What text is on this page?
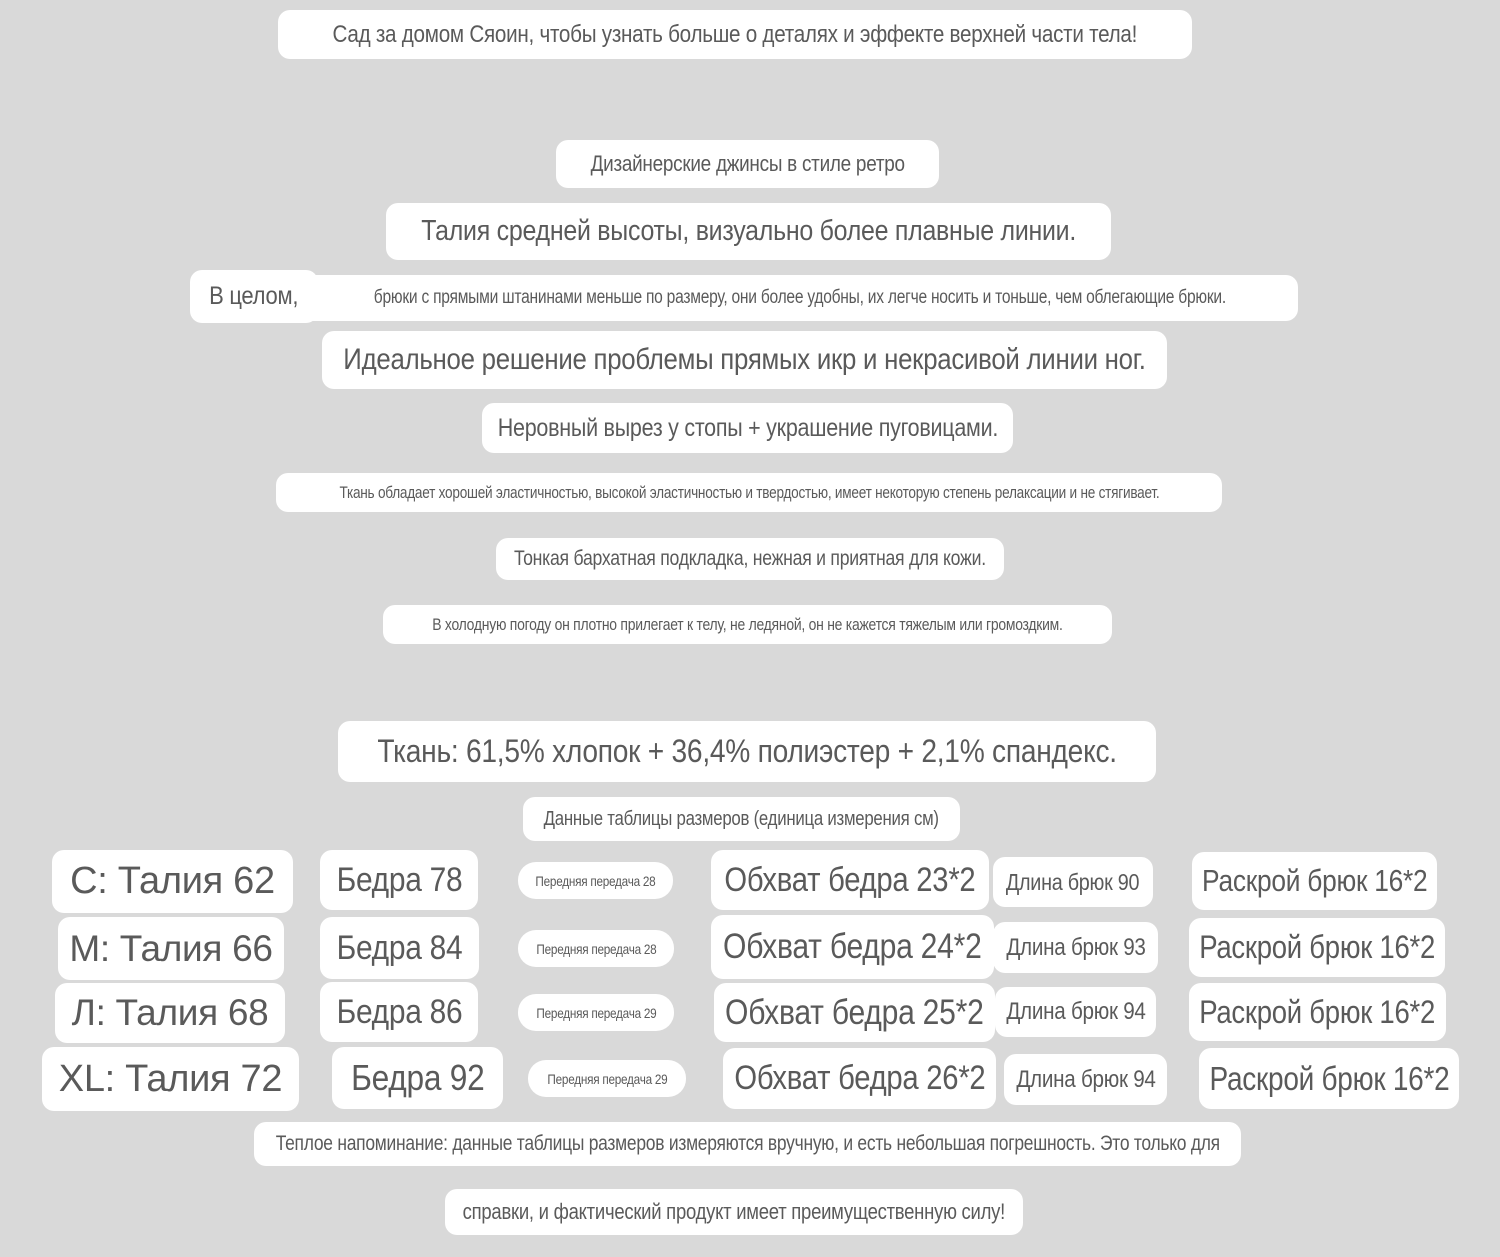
Сад за домом Сяоин, чтобы узнать больше о деталях и эффекте верхней части тела!
Дизайнерские джинсы в стиле ретро
Талия средней высоты, визуально более плавные линии.
брюки с прямыми штанинами меньше по размеру, они более удобны, их легче носить и тоньше, чем облегающие брюки.
В целом,
Идеальное решение проблемы прямых икр и некрасивой линии ног.
Неровный вырез у стопы + украшение пуговицами.
Ткань обладает хорошей эластичностью, высокой эластичностью и твердостью, имеет некоторую степень релаксации и не стягивает.
Тонкая бархатная подкладка, нежная и приятная для кожи.
В холодную погоду он плотно прилегает к телу, не ледяной, он не кажется тяжелым или громоздким.
Ткань: 61,5% хлопок + 36,4% полиэстер + 2,1% спандекс.
Данные таблицы размеров (единица измерения см)
С: Талия 62 Бедра 78	Передняя передача 28 Обхват бедра 23*2 Длина брюк 90 Раскрой брюк 16*2
М: Талия 66 Бедра 84	Передняя передача 28 Обхват бедра 24*2 Длина брюк 93 Раскрой брюк 16*2
Л: Талия 68 Бедра 86	Передняя передача 29 Обхват бедра 25*2 Длина брюк 94 Раскрой брюк 16*2
XL: Талия 72 Бедра 92	Передняя передача 29 Обхват бедра 26*2 Длина брюк 94 Раскрой брюк 16*2
Теплое напоминание: данные таблицы размеров измеряются вручную, и есть небольшая погрешность. Это только для
справки, и фактический продукт имеет преимущественную силу!
